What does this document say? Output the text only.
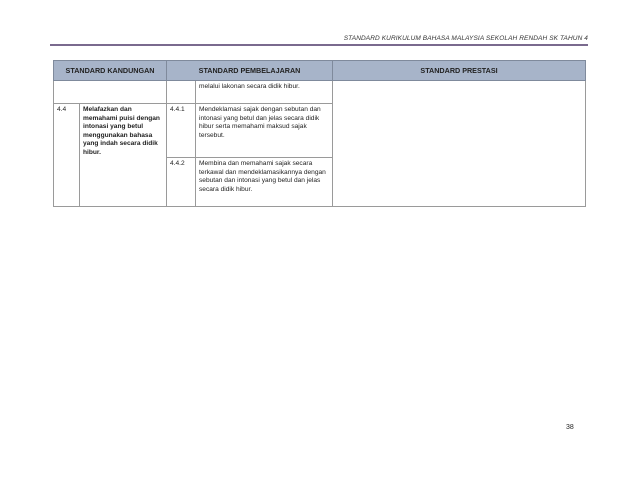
STANDARD KURIKULUM BAHASA MALAYSIA SEKOLAH RENDAH SK TAHUN 4
STANDARD KANDUNGAN		STANDARD PEMBELAJARAN		STANDARD PRESTASI
			melalui lakonan secara didik hibur.	
4.4	Melafazkan dan memahami puisi dengan intonasi yang betul menggunakan bahasa yang indah secara didik hibur.	4.4.1	Mendeklamasi sajak dengan sebutan dan intonasi yang betul dan jelas secara didik hibur serta memahami maksud sajak tersebut.	
		4.4.2	Membina dan memahami sajak secara terkawal dan mendeklamasikannya dengan sebutan dan intonasi yang betul dan jelas secara didik hibur.	
38
